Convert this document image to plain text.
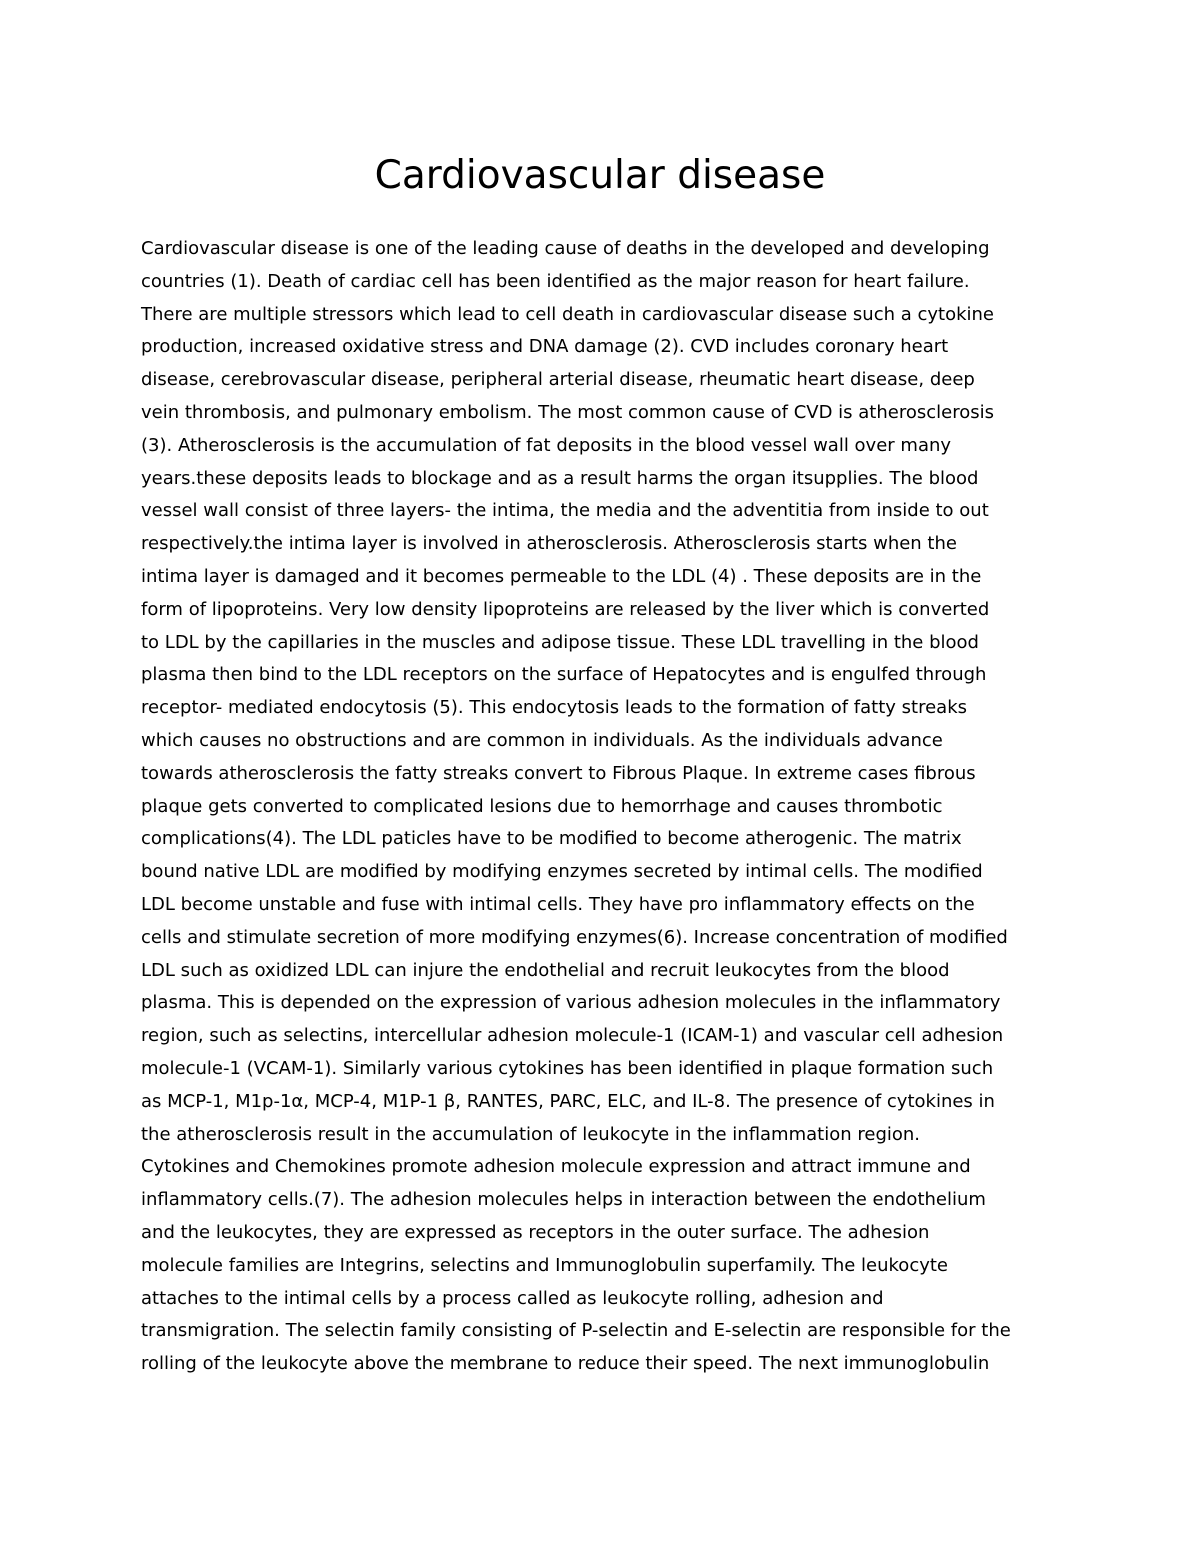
Cardiovascular disease
Cardiovascular disease is one of the leading cause of deaths in the developed and developing
countries (1). Death of cardiac cell has been identified as the major reason for heart failure.
There are multiple stressors which lead to cell death in cardiovascular disease such a cytokine
production, increased oxidative stress and DNA damage (2). CVD includes coronary heart
disease, cerebrovascular disease, peripheral arterial disease, rheumatic heart disease, deep
vein thrombosis, and pulmonary embolism. The most common cause of CVD is atherosclerosis
(3). Atherosclerosis is the accumulation of fat deposits in the blood vessel wall over many
years.these deposits leads to blockage and as a result harms the organ itsupplies. The blood
vessel wall consist of three layers- the intima, the media and the adventitia from inside to out
respectively.the intima layer is involved in atherosclerosis. Atherosclerosis starts when the
intima layer is damaged and it becomes permeable to the LDL (4) . These deposits are in the
form of lipoproteins. Very low density lipoproteins are released by the liver which is converted
to LDL by the capillaries in the muscles and adipose tissue. These LDL travelling in the blood
plasma then bind to the LDL receptors on the surface of Hepatocytes and is engulfed through
receptor- mediated endocytosis (5). This endocytosis leads to the formation of fatty streaks
which causes no obstructions and are common in individuals. As the individuals advance
towards atherosclerosis the fatty streaks convert to Fibrous Plaque. In extreme cases fibrous
plaque gets converted to complicated lesions due to hemorrhage and causes thrombotic
complications(4). The LDL paticles have to be modified to become atherogenic. The matrix
bound native LDL are modified by modifying enzymes secreted by intimal cells. The modified
LDL become unstable and fuse with intimal cells. They have pro inflammatory effects on the
cells and stimulate secretion of more modifying enzymes(6). Increase concentration of modified
LDL such as oxidized LDL can injure the endothelial and recruit leukocytes from the blood
plasma. This is depended on the expression of various adhesion molecules in the inflammatory
region, such as selectins, intercellular adhesion molecule-1 (ICAM-1) and vascular cell adhesion
molecule-1 (VCAM-1). Similarly various cytokines has been identified in plaque formation such
as MCP-1, M1p-1α, MCP-4, M1P-1 β, RANTES, PARC, ELC, and IL-8. The presence of cytokines in
the atherosclerosis result in the accumulation of leukocyte in the inflammation region.
Cytokines and Chemokines promote adhesion molecule expression and attract immune and
inflammatory cells.(7). The adhesion molecules helps in interaction between the endothelium
and the leukocytes, they are expressed as receptors in the outer surface. The adhesion
molecule families are Integrins, selectins and Immunoglobulin superfamily. The leukocyte
attaches to the intimal cells by a process called as leukocyte rolling, adhesion and
transmigration. The selectin family consisting of P-selectin and E-selectin are responsible for the
rolling of the leukocyte above the membrane to reduce their speed. The next immunoglobulin
